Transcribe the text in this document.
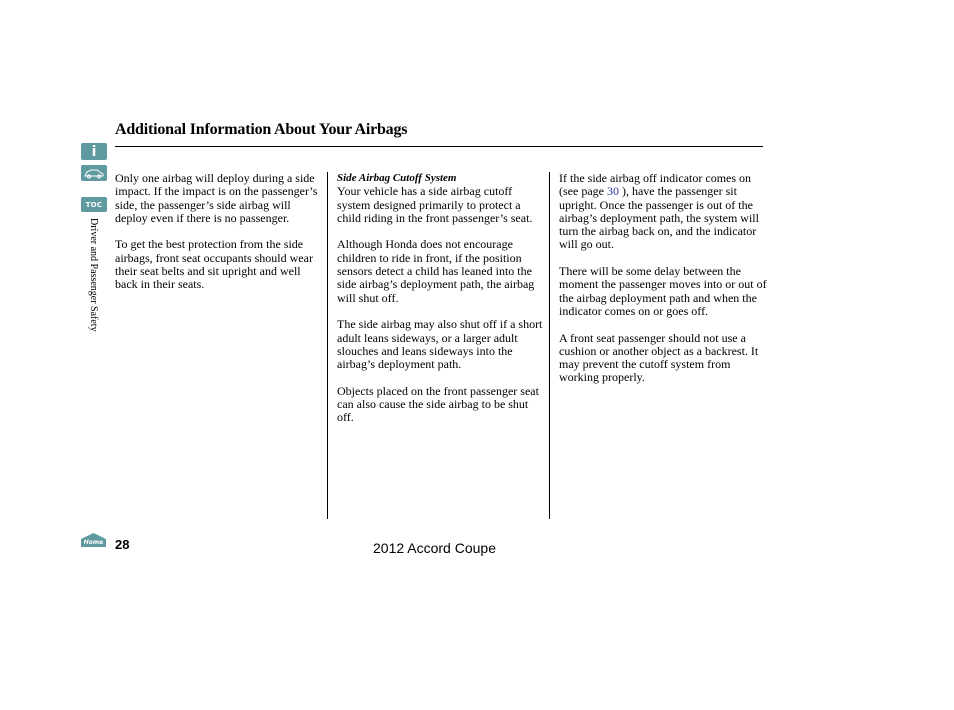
Additional Information About Your Airbags
i
TOC
Driver and Passenger Safety

Only one airbag will deploy during a side impact. If the impact is on the passenger’s side, the passenger’s side airbag will deploy even if there is no passenger.

To get the best protection from the side airbags, front seat occupants should wear their seat belts and sit upright and well back in their seats.

Side Airbag Cutoff System

Your vehicle has a side airbag cutoff system designed primarily to protect a child riding in the front passenger’s seat.

Although Honda does not encourage children to ride in front, if the position sensors detect a child has leaned into the side airbag’s deployment path, the airbag will shut off.

The side airbag may also shut off if a short adult leans sideways, or a larger adult slouches and leans sideways into the airbag’s deployment path.

Objects placed on the front passenger seat can also cause the side airbag to be shut off.

If the side airbag off indicator comes on (see page 30 ), have the passenger sit upright. Once the passenger is out of the airbag’s deployment path, the system will turn the airbag back on, and the indicator will go out.

There will be some delay between the moment the passenger moves into or out of the airbag deployment path and when the indicator comes on or goes off.

A front seat passenger should not use a cushion or another object as a backrest. It may prevent the cutoff system from working properly.

Home 28	2012 Accord Coupe
